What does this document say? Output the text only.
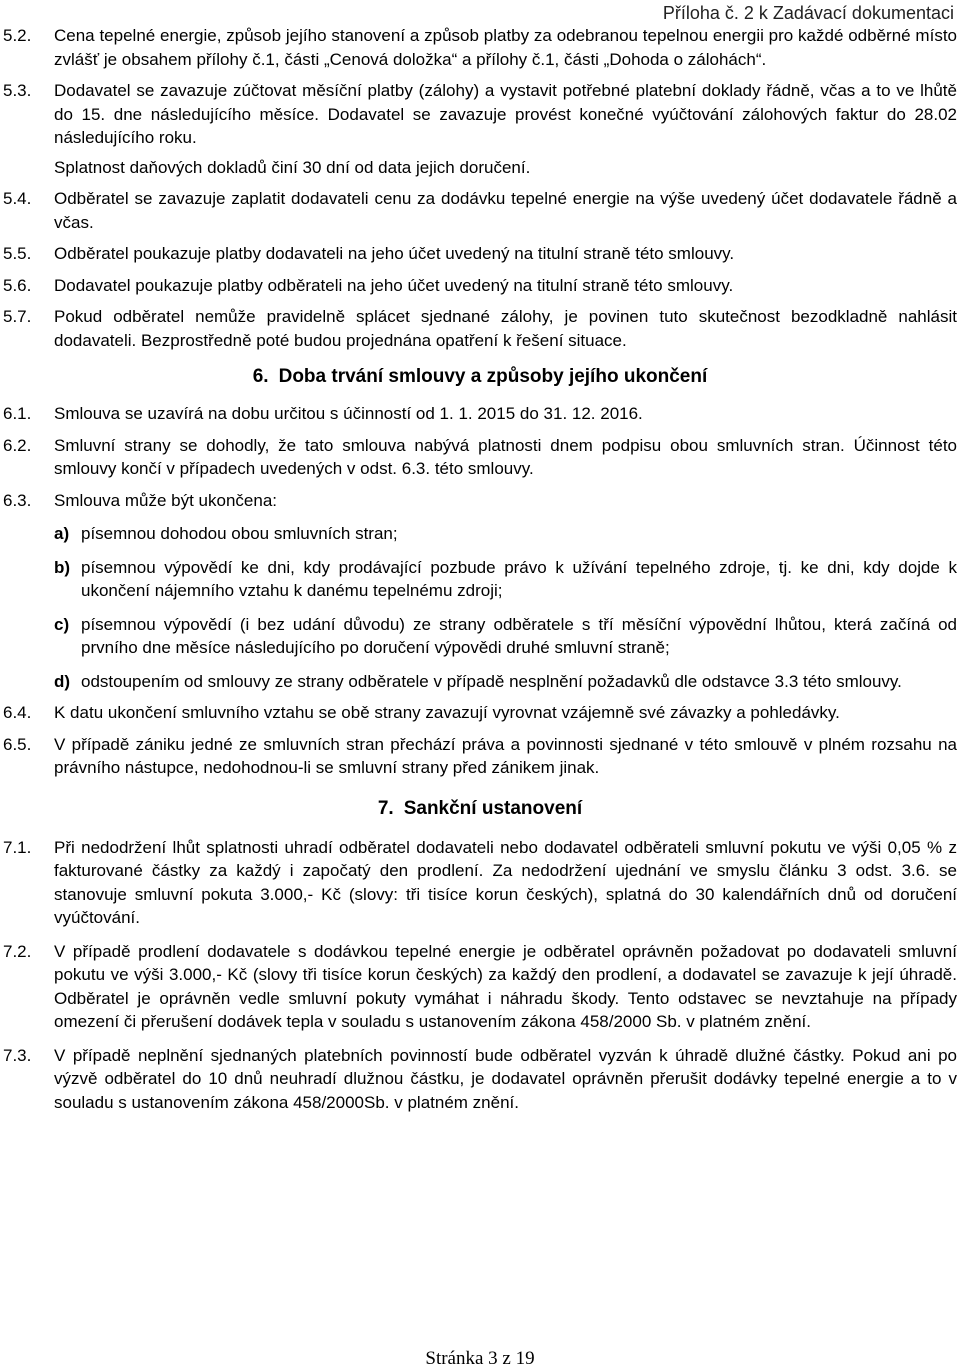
Příloha č. 2 k Zadávací dokumentaci
5.2.	Cena tepelné energie, způsob jejího stanovení a způsob platby za odebranou tepelnou energii pro každé odběrné místo zvlášť je obsahem přílohy č.1, části „Cenová doložka“ a přílohy č.1, části „Dohoda o zálohách“.

5.3.	Dodavatel se zavazuje zúčtovat měsíční platby (zálohy) a vystavit potřebné platební doklady řádně, včas a to ve lhůtě do 15. dne následujícího měsíce. Dodavatel se zavazuje provést konečné vyúčtování zálohových faktur do 28.02 následujícího roku.

Splatnost daňových dokladů činí 30 dní od data jejich doručení.

5.4.	Odběratel se zavazuje zaplatit dodavateli cenu za dodávku tepelné energie na výše uvedený účet dodavatele řádně a včas.

5.5.	Odběratel poukazuje platby dodavateli na jeho účet uvedený na titulní straně této smlouvy.

5.6.	Dodavatel poukazuje platby odběrateli na jeho účet uvedený na titulní straně této smlouvy.

5.7.	Pokud odběratel nemůže pravidelně splácet sjednané zálohy, je povinen tuto skutečnost bezodkladně nahlásit dodavateli. Bezprostředně poté budou projednána opatření k řešení situace.

6. Doba trvání smlouvy a způsoby jejího ukončení
6.1.	Smlouva se uzavírá na dobu určitou s účinností od 1. 1. 2015 do 31. 12. 2016.

6.2.	Smluvní strany se dohodly, že tato smlouva nabývá platnosti dnem podpisu obou smluvních stran. Účinnost této smlouvy končí v případech uvedených v odst. 6.3. této smlouvy.

6.3.	Smlouva může být ukončena:

a) písemnou dohodou obou smluvních stran;
b) písemnou výpovědí ke dni, kdy prodávající pozbude právo k užívání tepelného zdroje, tj. ke dni, kdy dojde k ukončení nájemního vztahu k danému tepelnému zdroji;
c) písemnou výpovědí (i bez udání důvodu) ze strany odběratele s tří měsíční výpovědní lhůtou, která začíná od prvního dne měsíce následujícího po doručení výpovědi druhé smluvní straně;
d) odstoupením od smlouvy ze strany odběratele v případě nesplnění požadavků dle odstavce 3.3 této smlouvy.
6.4.	K datu ukončení smluvního vztahu se obě strany zavazují vyrovnat vzájemně své závazky a pohledávky.

6.5.	V případě zániku jedné ze smluvních stran přechází práva a povinnosti sjednané v této smlouvě v plném rozsahu na právního nástupce, nedohodnou-li se smluvní strany před zánikem jinak.

7. Sankční ustanovení
7.1.	Při nedodržení lhůt splatnosti uhradí odběratel dodavateli nebo dodavatel odběrateli smluvní pokutu ve výši 0,05 % z fakturované částky za každý i započatý den prodlení. Za nedodržení ujednání ve smyslu článku 3 odst. 3.6. se stanovuje smluvní pokuta 3.000,- Kč (slovy: tři tisíce korun českých), splatná do 30 kalendářních dnů od doručení vyúčtování.

7.2.	V případě prodlení dodavatele s dodávkou tepelné energie je odběratel oprávněn požadovat po dodavateli smluvní pokutu ve výši 3.000,- Kč (slovy tři tisíce korun českých) za každý den prodlení, a dodavatel se zavazuje k její úhradě. Odběratel je oprávněn vedle smluvní pokuty vymáhat i náhradu škody. Tento odstavec se nevztahuje na případy omezení či přerušení dodávek tepla v souladu s ustanovením zákona 458/2000 Sb. v platném znění.

7.3.	V případě neplnění sjednaných platebních povinností bude odběratel vyzván k úhradě dlužné částky. Pokud ani po výzvě odběratel do 10 dnů neuhradí dlužnou částku, je dodavatel oprávněn přerušit dodávky tepelné energie a to v souladu s ustanovením zákona 458/2000Sb. v platném znění.

Stránka 3 z 19
